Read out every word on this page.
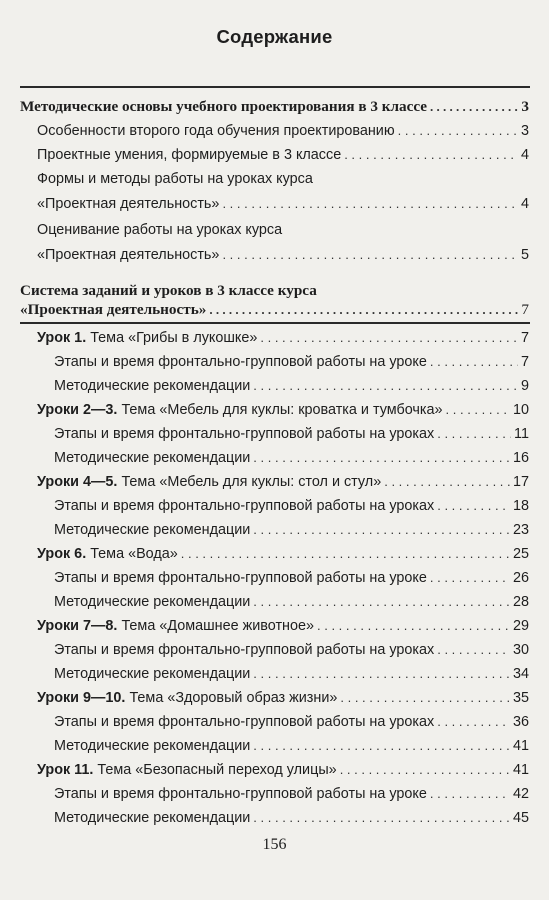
Содержание
Методические основы учебного проектирования в 3 классе . . .	3
Особенности второго года обучения проектированию . . .	3
Проектные умения, формируемые в 3 классе . . .	4
Формы и методы работы на уроках курса
«Проектная деятельность» . . .	4
Оценивание работы на уроках курса
«Проектная деятельность» . . .	5
Система заданий и уроков в 3 классе курса
«Проектная деятельность» . . .	7
Урок 1. Тема «Грибы в лукошке» . . .	7
Этапы и время фронтально-групповой работы на уроке . . .	7
Методические рекомендации . . .	9
Уроки 2—3. Тема «Мебель для куклы: кроватка и тумбочка» . . .	10
Этапы и время фронтально-групповой работы на уроках . . .	11
Методические рекомендации . . .	16
Уроки 4—5. Тема «Мебель для куклы: стол и стул» . . .	17
Этапы и время фронтально-групповой работы на уроках . . .	18
Методические рекомендации . . .	23
Урок 6. Тема «Вода» . . .	25
Этапы и время фронтально-групповой работы на уроке . . .	26
Методические рекомендации . . .	28
Уроки 7—8. Тема «Домашнее животное» . . .	29
Этапы и время фронтально-групповой работы на уроках . . .	30
Методические рекомендации . . .	34
Уроки 9—10. Тема «Здоровый образ жизни» . . .	35
Этапы и время фронтально-групповой работы на уроках . . .	36
Методические рекомендации . . .	41
Урок 11. Тема «Безопасный переход улицы» . . .	41
Этапы и время фронтально-групповой работы на уроке . . .	42
Методические рекомендации . . .	45
156
